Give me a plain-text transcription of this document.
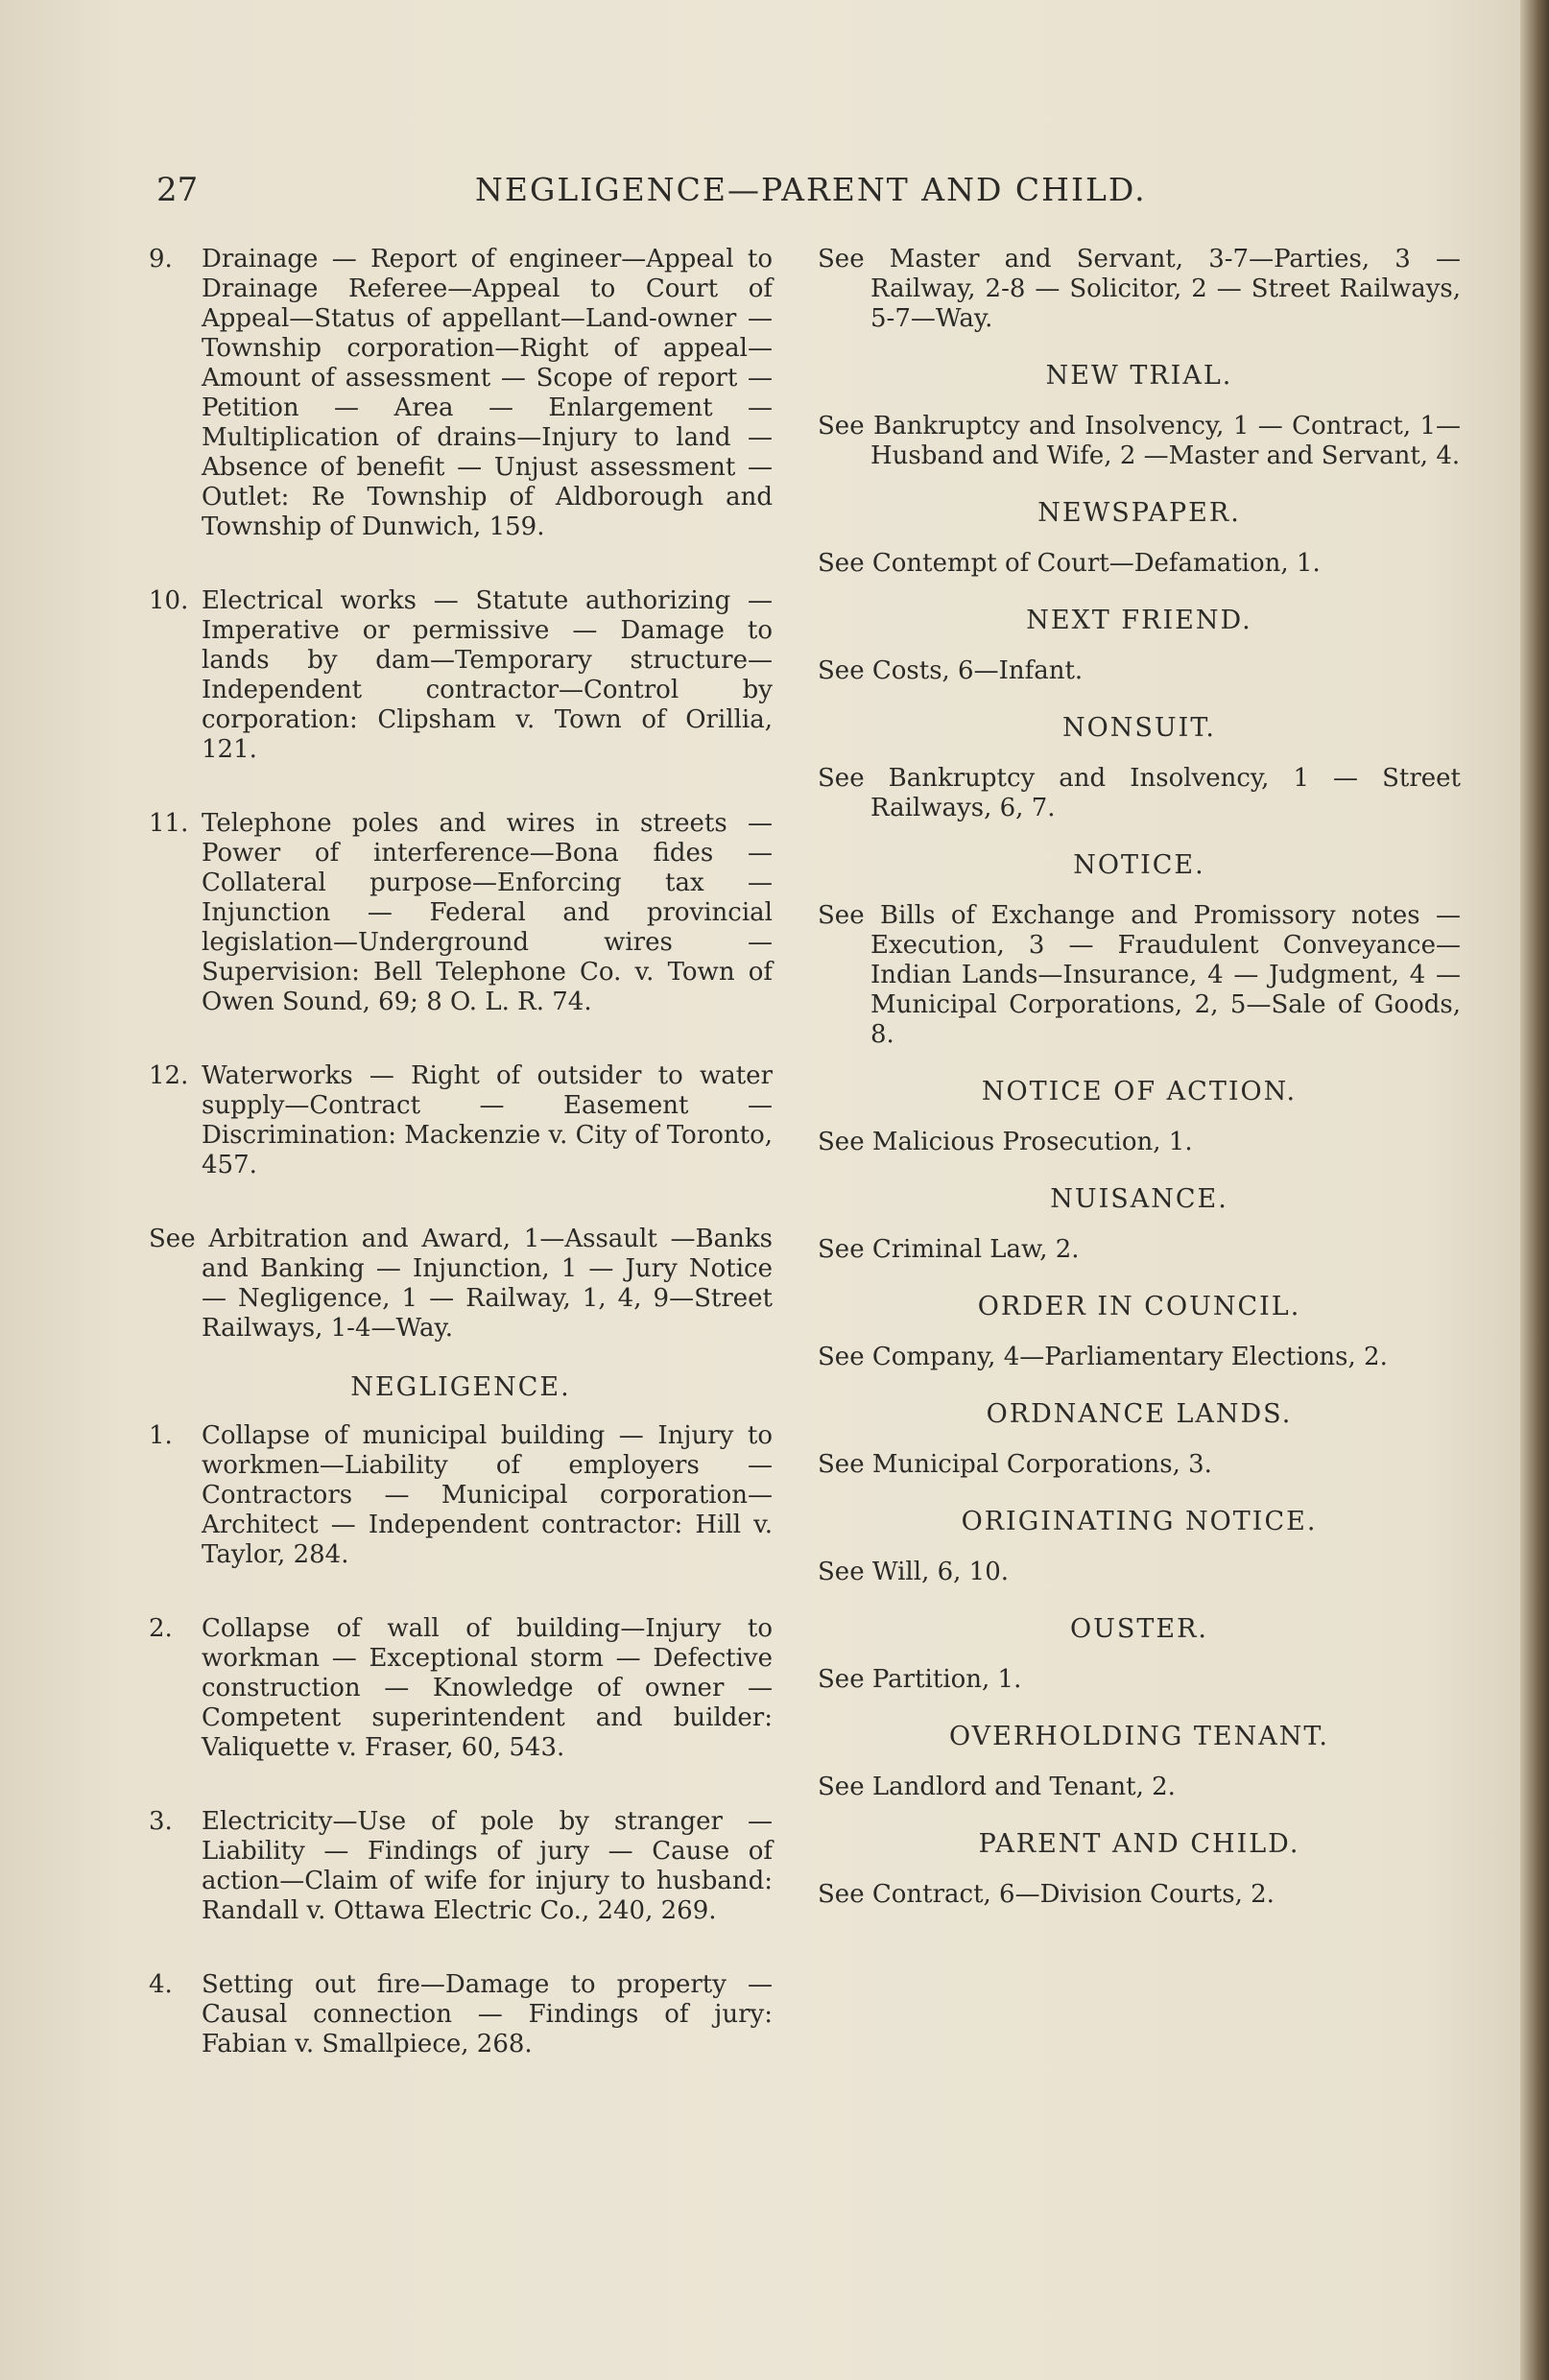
27	NEGLIGENCE—PARENT AND CHILD.
9. Drainage — Report of engineer—Appeal to Drainage Referee—Appeal to Court of Appeal—Status of appellant—Land-owner — Township corporation—Right of appeal—Amount of assessment — Scope of report — Petition — Area — Enlargement — Multiplication of drains—Injury to land — Absence of benefit — Unjust assessment — Outlet: Re Township of Aldborough and Township of Dunwich, 159.
10. Electrical works — Statute authorizing — Imperative or permissive — Damage to lands by dam—Temporary structure—Independent contractor—Control by corporation: Clipsham v. Town of Orillia, 121.
11. Telephone poles and wires in streets —Power of interference—Bona fides —Collateral purpose—Enforcing tax — Injunction — Federal and provincial legislation—Underground wires — Supervision: Bell Telephone Co. v. Town of Owen Sound, 69; 8 O. L. R. 74.
12. Waterworks — Right of outsider to water supply—Contract — Easement — Discrimination: Mackenzie v. City of Toronto, 457.
See Arbitration and Award, 1—Assault —Banks and Banking — Injunction, 1 — Jury Notice — Negligence, 1 — Railway, 1, 4, 9—Street Railways, 1-4—Way.
NEGLIGENCE.
1. Collapse of municipal building — Injury to workmen—Liability of employers — Contractors — Municipal corporation—Architect — Independent contractor: Hill v. Taylor, 284.
2. Collapse of wall of building—Injury to workman — Exceptional storm — Defective construction — Knowledge of owner — Competent superintendent and builder: Valiquette v. Fraser, 60, 543.
3. Electricity—Use of pole by stranger —Liability — Findings of jury — Cause of action—Claim of wife for injury to husband: Randall v. Ottawa Electric Co., 240, 269.
4. Setting out fire—Damage to property — Causal connection — Findings of jury: Fabian v. Smallpiece, 268.
See Master and Servant, 3-7—Parties, 3 — Railway, 2-8 — Solicitor, 2 — Street Railways, 5-7—Way.
NEW TRIAL.
See Bankruptcy and Insolvency, 1 — Contract, 1—Husband and Wife, 2 —Master and Servant, 4.
NEWSPAPER.
See Contempt of Court—Defamation, 1.
NEXT FRIEND.
See Costs, 6—Infant.
NONSUIT.
See Bankruptcy and Insolvency, 1 — Street Railways, 6, 7.
NOTICE.
See Bills of Exchange and Promissory notes — Execution, 3 — Fraudulent Conveyance—Indian Lands—Insurance, 4 — Judgment, 4 — Municipal Corporations, 2, 5—Sale of Goods, 8.
NOTICE OF ACTION.
See Malicious Prosecution, 1.
NUISANCE.
See Criminal Law, 2.
ORDER IN COUNCIL.
See Company, 4—Parliamentary Elections, 2.
ORDNANCE LANDS.
See Municipal Corporations, 3.
ORIGINATING NOTICE.
See Will, 6, 10.
OUSTER.
See Partition, 1.
OVERHOLDING TENANT.
See Landlord and Tenant, 2.
PARENT AND CHILD.
See Contract, 6—Division Courts, 2.
